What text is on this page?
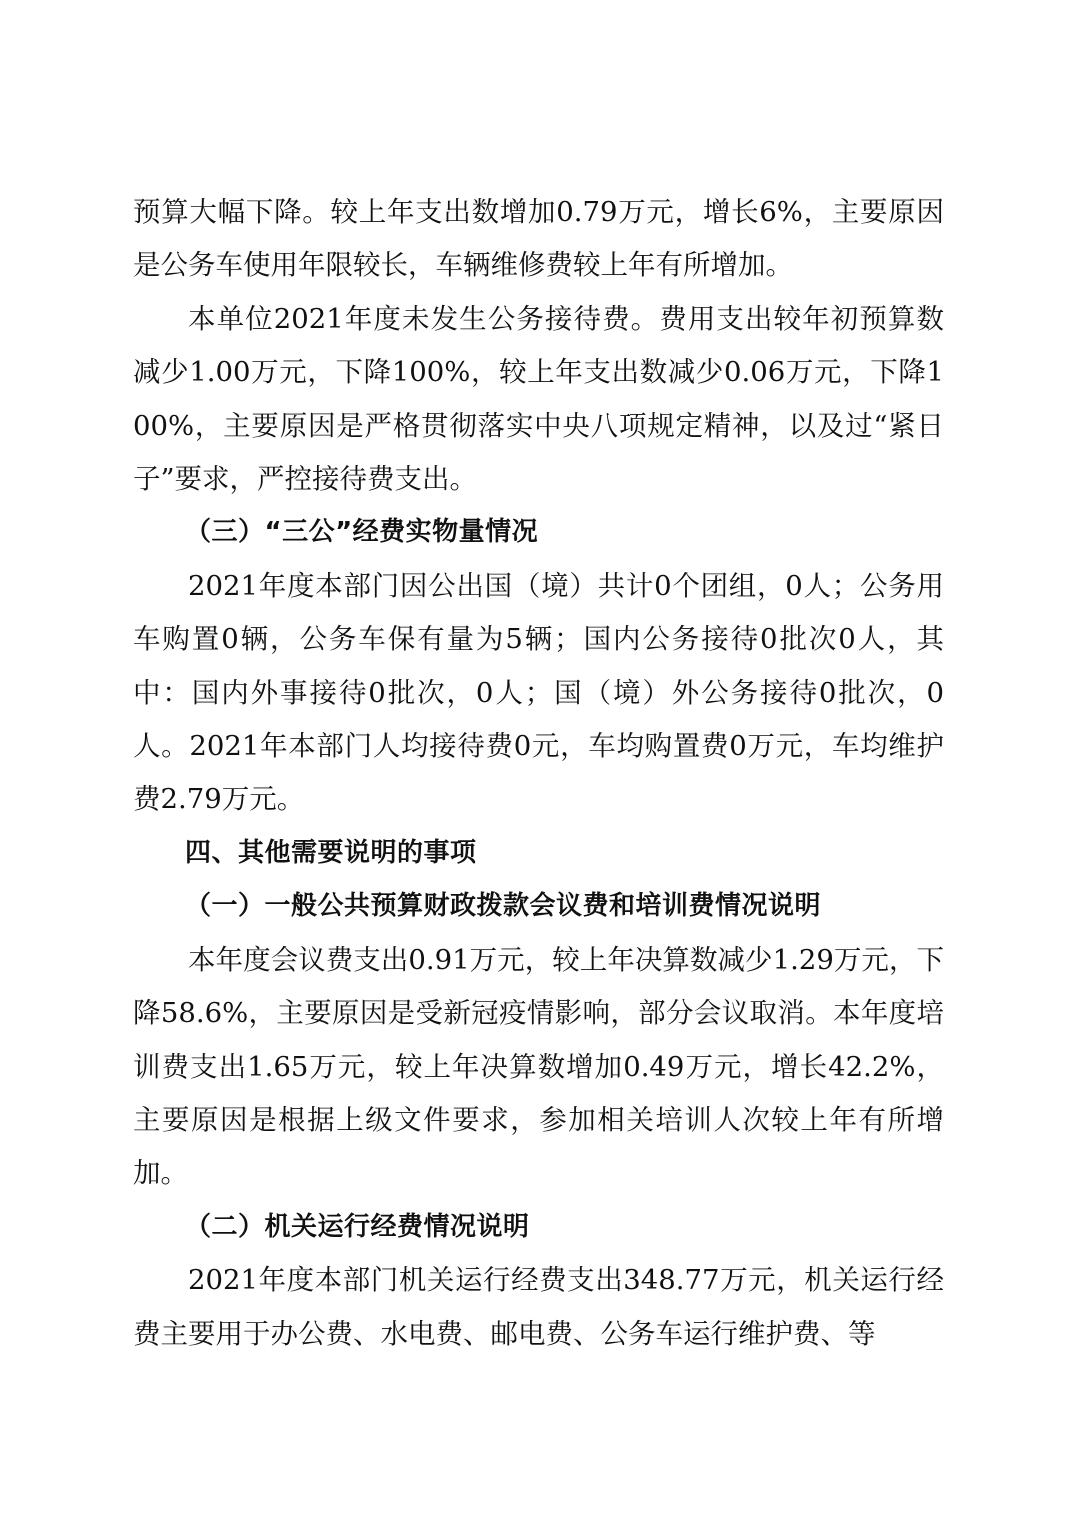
预算大幅下降。较上年支出数增加0.79万元，增长6%，主要原因是公务车使用年限较长，车辆维修费较上年有所增加。

本单位2021年度未发生公务接待费。费用支出较年初预算数减少1.00万元，下降100%，较上年支出数减少0.06万元，下降100%，主要原因是严格贯彻落实中央八项规定精神，以及过“紧日子”要求，严控接待费支出。

（三）“三公”经费实物量情况

2021年度本部门因公出国（境）共计0个团组，0人；公务用车购置0辆，公务车保有量为5辆；国内公务接待0批次0人，其中：国内外事接待0批次，0人；国（境）外公务接待0批次，0人。2021年本部门人均接待费0元，车均购置费0万元，车均维护费2.79万元。

四、其他需要说明的事项

（一）一般公共预算财政拨款会议费和培训费情况说明

本年度会议费支出0.91万元，较上年决算数减少1.29万元，下降58.6%，主要原因是受新冠疫情影响，部分会议取消。本年度培训费支出1.65万元，较上年决算数增加0.49万元，增长42.2%，主要原因是根据上级文件要求，参加相关培训人次较上年有所增加。

（二）机关运行经费情况说明

2021年度本部门机关运行经费支出348.77万元，机关运行经费主要用于办公费、水电费、邮电费、公务车运行维护费、等
